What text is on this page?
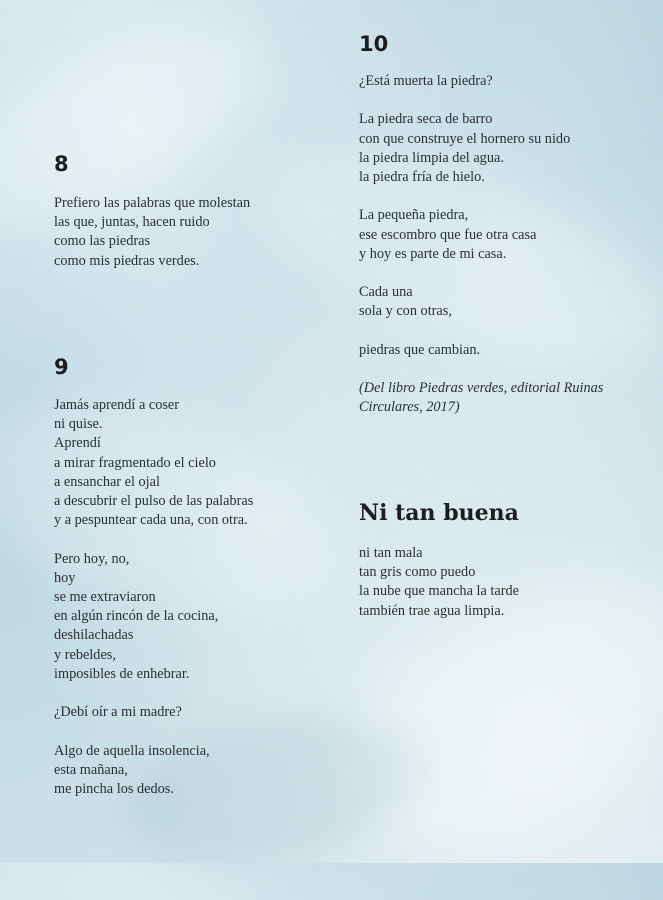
8
Prefiero las palabras que molestan
las que, juntas, hacen ruido
como las piedras
como mis piedras verdes.
9
Jamás aprendí a coser
ni quise.
Aprendí
a mirar fragmentado el cielo
a ensanchar el ojal
a descubrir el pulso de las palabras
y a pespuntear cada una, con otra.
Pero hoy, no,
hoy
se me extraviaron
en algún rincón de la cocina,
deshilachadas
y rebeldes,
imposibles de enhebrar.
¿Debí oír a mi madre?
Algo de aquella insolencia,
esta mañana,
me pincha los dedos.
10
¿Está muerta la piedra?
La piedra seca de barro
con que construye el hornero su nido
la piedra limpia del agua.
la piedra fría de hielo.
La pequeña piedra,
ese escombro que fue otra casa
y hoy es parte de mi casa.
Cada una
sola y con otras,
piedras que cambian.
(Del libro Piedras verdes, editorial Ruinas
Circulares, 2017)
Ni tan buena
ni tan mala
tan gris como puedo
la nube que mancha la tarde
también trae agua limpia.
